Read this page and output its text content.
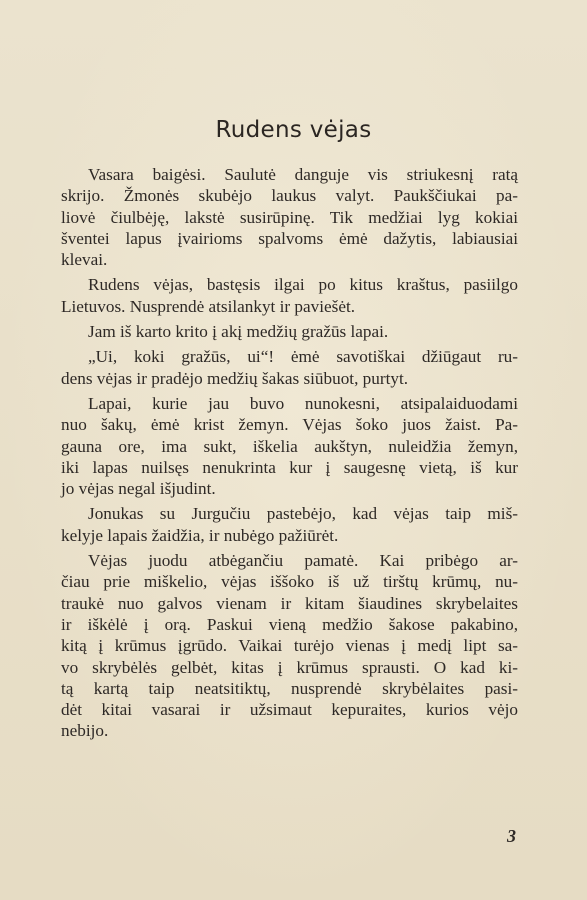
Rudens vėjas
Vasara baigėsi. Saulutė danguje vis striukesnį ratą
skrijo. Žmonės skubėjo laukus valyt. Paukščiukai pa-
liovė čiulbėję, lakstė susirūpinę. Tik medžiai lyg kokiai
šventei lapus įvairioms spalvoms ėmė dažytis, labiausiai
klevai.
Rudens vėjas, bastęsis ilgai po kitus kraštus, pasiilgo
Lietuvos. Nusprendė atsilankyt ir paviešėt.
Jam iš karto krito į akį medžių gražūs lapai.
„Ui, koki gražūs, ui“! ėmė savotiškai džiūgaut ru-
dens vėjas ir pradėjo medžių šakas siūbuot, purtyt.
Lapai, kurie jau buvo nunokesni, atsipalaiduodami
nuo šakų, ėmė krist žemyn. Vėjas šoko juos žaist. Pa-
gauna ore, ima sukt, iškelia aukštyn, nuleidžia žemyn,
iki lapas nuilsęs nenukrinta kur į saugesnę vietą, iš kur
jo vėjas negal išjudint.
Jonukas su Jurgučiu pastebėjo, kad vėjas taip miš-
kelyje lapais žaidžia, ir nubėgo pažiūrėt.
Vėjas juodu atbėgančiu pamatė. Kai pribėgo ar-
čiau prie miškelio, vėjas iššoko iš už tirštų krūmų, nu-
traukė nuo galvos vienam ir kitam šiaudines skrybelaites
ir iškėlė į orą. Paskui vieną medžio šakose pakabino,
kitą į krūmus įgrūdo. Vaikai turėjo vienas į medį lipt sa-
vo skrybėlės gelbėt, kitas į krūmus sprausti. O kad ki-
tą kartą taip neatsitiktų, nusprendė skrybėlaites pasi-
dėt kitai vasarai ir užsimaut kepuraites, kurios vėjo
nebijo.
3
